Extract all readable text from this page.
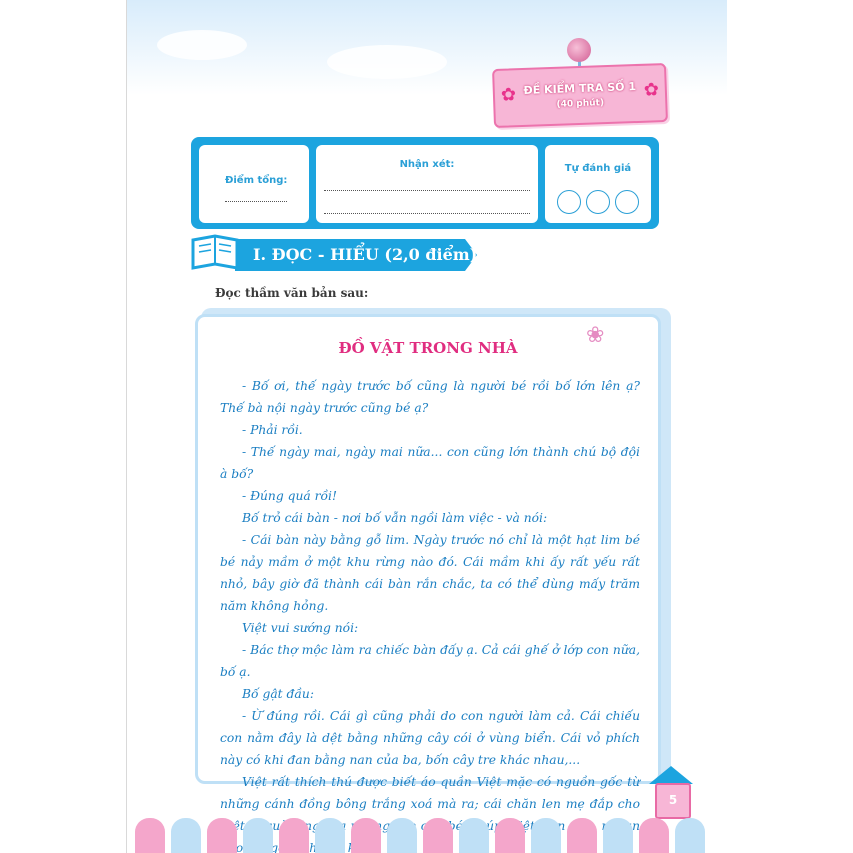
✿	✿
ĐỀ KIỂM TRA SỐ 1
(40 phút)
Điểm tổng:
Nhận xét:	Tự đánh giá
I. ĐỌC - HIỂU (2,0 điểm)
Đọc thầm văn bản sau:
❀
ĐỒ VẬT TRONG NHÀ

- Bố ơi, thế ngày trước bố cũng là người bé rồi bố lớn lên ạ? Thế bà nội ngày trước cũng bé ạ?

- Phải rồi.

- Thế ngày mai, ngày mai nữa... con cũng lớn thành chú bộ đội à bố?

- Đúng quá rồi!

Bố trỏ cái bàn - nơi bố vẫn ngồi làm việc - và nói:

- Cái bàn này bằng gỗ lim. Ngày trước nó chỉ là một hạt lim bé bé nảy mầm ở một khu rừng nào đó. Cái mầm khi ấy rất yếu rất nhỏ, bây giờ đã thành cái bàn rắn chắc, ta có thể dùng mấy trăm năm không hỏng.

Việt vui sướng nói:

- Bác thợ mộc làm ra chiếc bàn đấy ạ. Cả cái ghế ở lớp con nữa, bố ạ.

Bố gật đầu:

- Ừ đúng rồi. Cái gì cũng phải do con người làm cả. Cái chiếu con nằm đây là dệt bằng những cây cói ở vùng biển. Cái vỏ phích này có khi đan bằng nan của ba, bốn cây tre khác nhau,...

Việt rất thích thú được biết áo quần Việt mặc có nguồn gốc từ những cánh đồng bông trắng xoá mà ra; cái chăn len mẹ đắp cho quà múp. ngoãn ngồi nghe

5
